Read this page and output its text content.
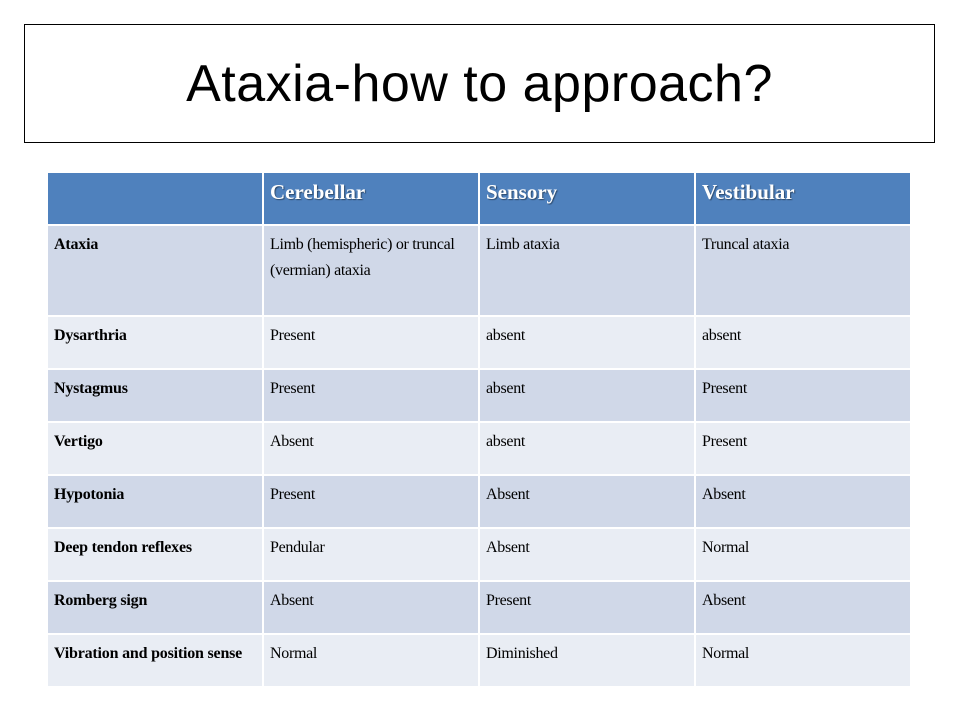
Ataxia-how to approach?
	Cerebellar	Sensory	Vestibular
Ataxia	Limb (hemispheric) or truncal (vermian) ataxia	Limb ataxia	Truncal ataxia
Dysarthria	Present	absent	absent
Nystagmus	Present	absent	Present
Vertigo	Absent	absent	Present
Hypotonia	Present	Absent	Absent
Deep tendon reflexes	Pendular	Absent	Normal
Romberg sign	Absent	Present	Absent
Vibration and position sense	Normal	Diminished	Normal
